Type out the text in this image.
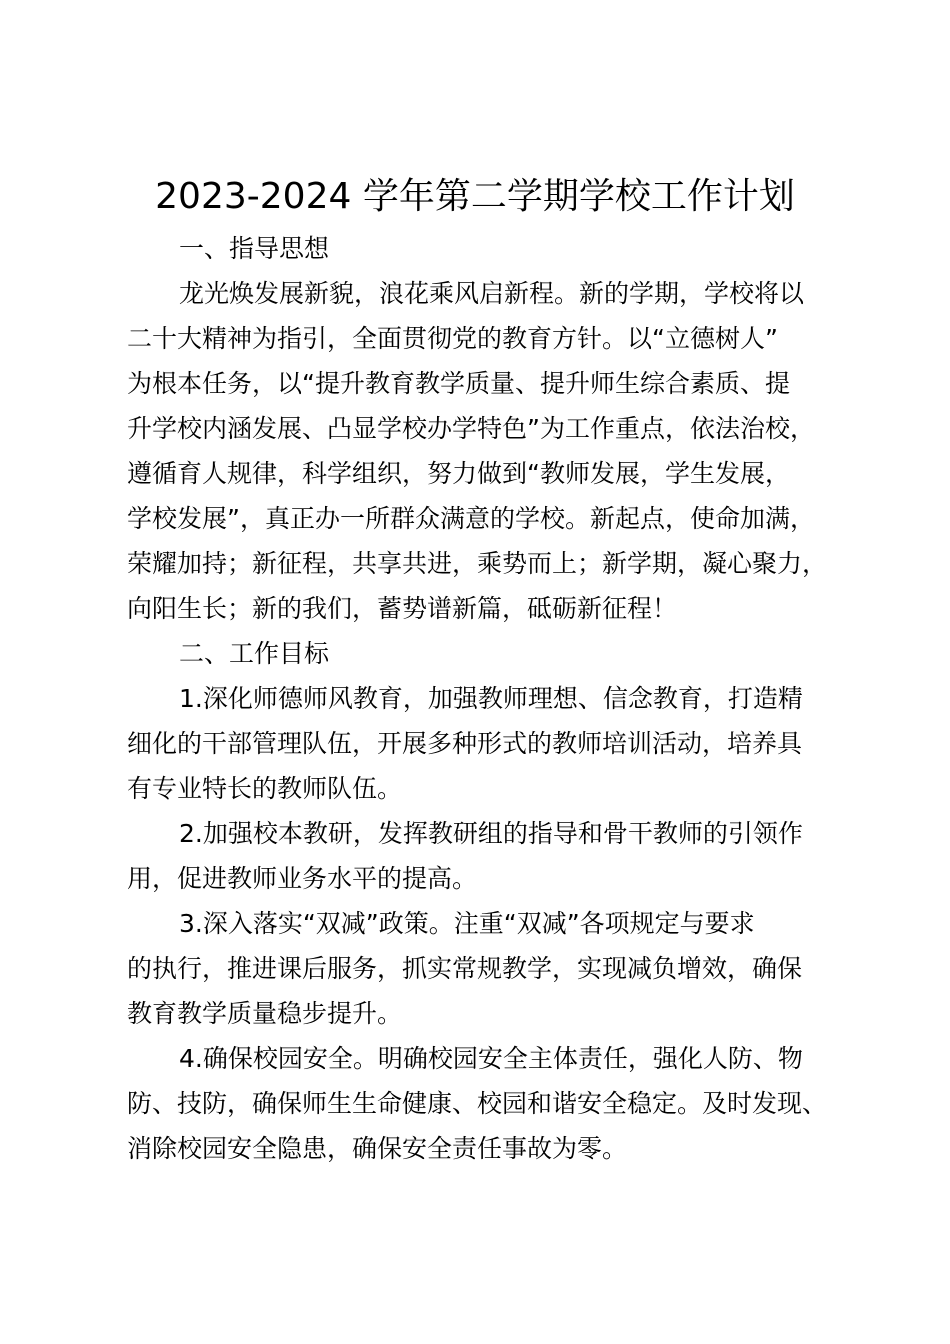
2023-2024 学年第二学期学校工作计划

一、指导思想

龙光焕发展新貌，浪花乘风启新程。新的学期，学校将以
二十大精神为指引，全面贯彻党的教育方针。以“立德树人”
为根本任务，以“提升教育教学质量、提升师生综合素质、提
升学校内涵发展、凸显学校办学特色”为工作重点，依法治校，
遵循育人规律，科学组织，努力做到“教师发展，学生发展，
学校发展”，真正办一所群众满意的学校。新起点，使命加满，
荣耀加持；新征程，共享共进，乘势而上；新学期，凝心聚力，
向阳生长；新的我们，蓄势谱新篇，砥砺新征程！

二、工作目标

1.深化师德师风教育，加强教师理想、信念教育，打造精
细化的干部管理队伍，开展多种形式的教师培训活动，培养具
有专业特长的教师队伍。

2.加强校本教研，发挥教研组的指导和骨干教师的引领作
用，促进教师业务水平的提高。

3.深入落实“双减”政策。注重“双减”各项规定与要求
的执行，推进课后服务，抓实常规教学，实现减负增效，确保
教育教学质量稳步提升。

4.确保校园安全。明确校园安全主体责任，强化人防、物
防、技防，确保师生生命健康、校园和谐安全稳定。及时发现、
消除校园安全隐患，确保安全责任事故为零。
